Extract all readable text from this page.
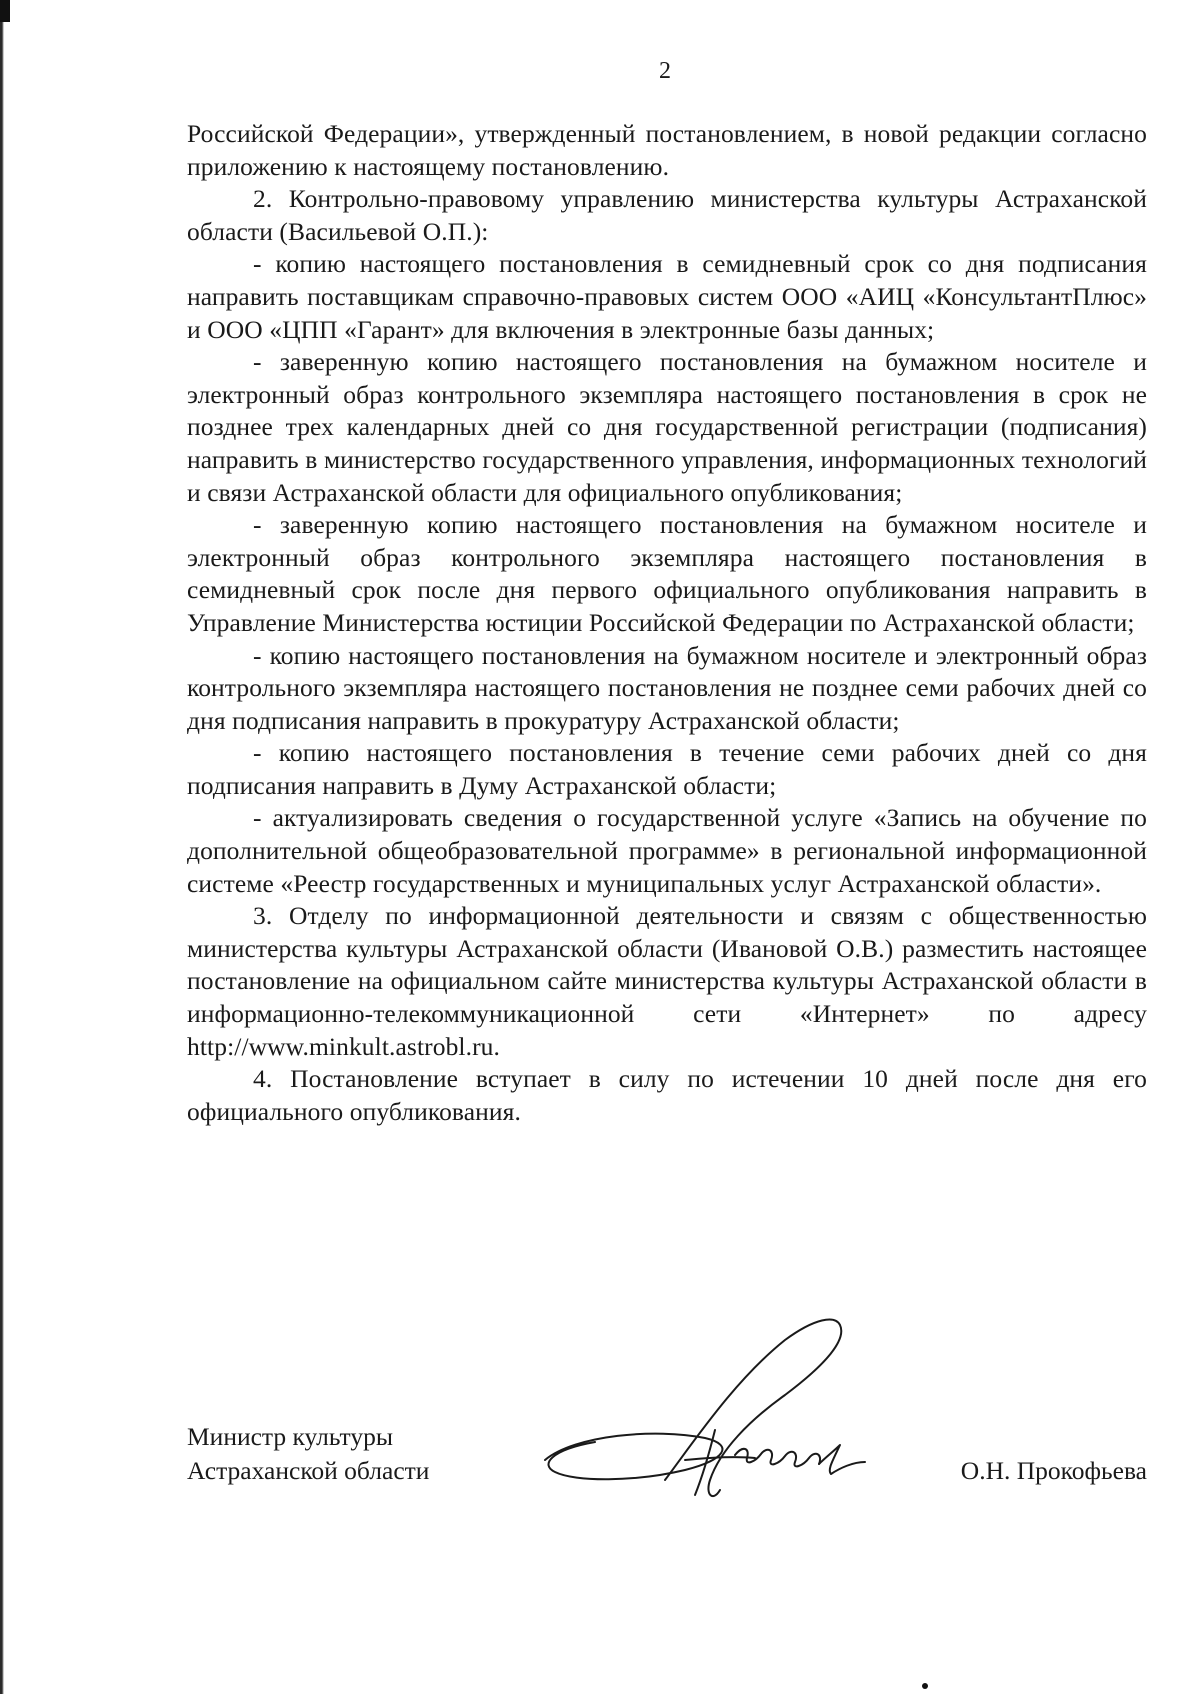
2

Российской Федерации», утвержденный постановлением, в новой редакции согласно приложению к настоящему постановлению.

2. Контрольно-правовому управлению министерства культуры Астраханской области (Васильевой О.П.):

- копию настоящего постановления в семидневный срок со дня подписания направить поставщикам справочно-правовых систем ООО «АИЦ «КонсультантПлюс» и ООО «ЦПП «Гарант» для включения в электронные базы данных;

- заверенную копию настоящего постановления на бумажном носителе и электронный образ контрольного экземпляра настоящего постановления в срок не позднее трех календарных дней со дня государственной регистрации (подписания) направить в министерство государственного управления, информационных технологий и связи Астраханской области для официального опубликования;

- заверенную копию настоящего постановления на бумажном носителе и электронный образ контрольного экземпляра настоящего постановления в семидневный срок после дня первого официального опубликования направить в Управление Министерства юстиции Российской Федерации по Астраханской области;

- копию настоящего постановления на бумажном носителе и электронный образ контрольного экземпляра настоящего постановления не позднее семи рабочих дней со дня подписания направить в прокуратуру Астраханской области;

- копию настоящего постановления в течение семи рабочих дней со дня подписания направить в Думу Астраханской области;

- актуализировать сведения о государственной услуге «Запись на обучение по дополнительной общеобразовательной программе» в региональной информационной системе «Реестр государственных и муниципальных услуг Астраханской области».

3. Отделу по информационной деятельности и связям с общественностью министерства культуры Астраханской области (Ивановой О.В.) разместить настоящее постановление на официальном сайте министерства культуры Астраханской области в информационно-телекоммуникационной сети «Интернет» по адресу http://www.minkult.astrobl.ru.

4. Постановление вступает в силу по истечении 10 дней после дня его официального опубликования.

Министр культуры
Астраханской области	О.Н. Прокофьева
